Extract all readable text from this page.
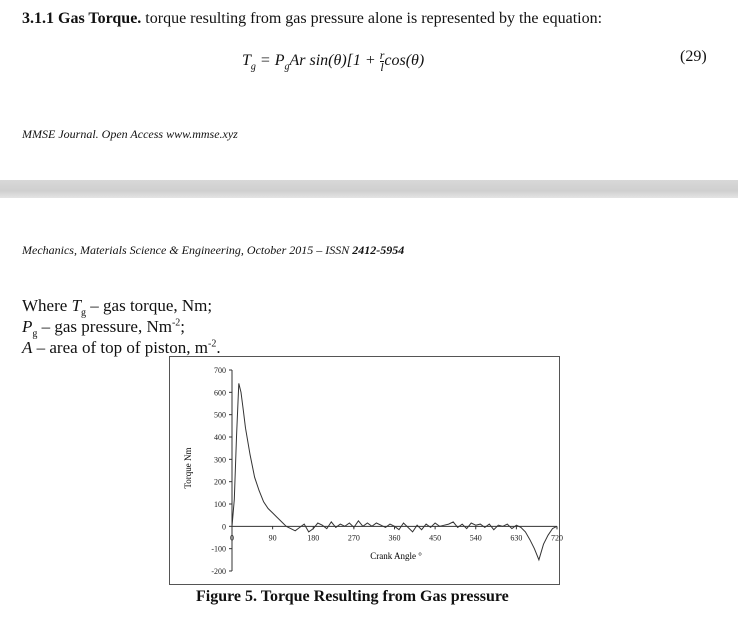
3.1.1 Gas Torque. torque resulting from gas pressure alone is represented by the equation:
$T_g = P_gAr$ $\sin(\theta)[1 + \frac{r}{l} \cos(\theta)$	(29)
MMSE Journal. Open Access www.mmse.xyz
Mechanics, Materials Science & Engineering, October 2015 – ISSN 2412-5954
Where $T_g$ – gas torque, Nm;
$P_g$ – gas pressure, $Nm^{-2}$;
A – area of top of piston, $m^{-2}$.
700
600
500
400
300
200
100
0
-100
-200
0	90	180	270	360	450	540	630	720
Torque Nm
Crank Angle °
Figure 5. Torque Resulting from Gas pressure
